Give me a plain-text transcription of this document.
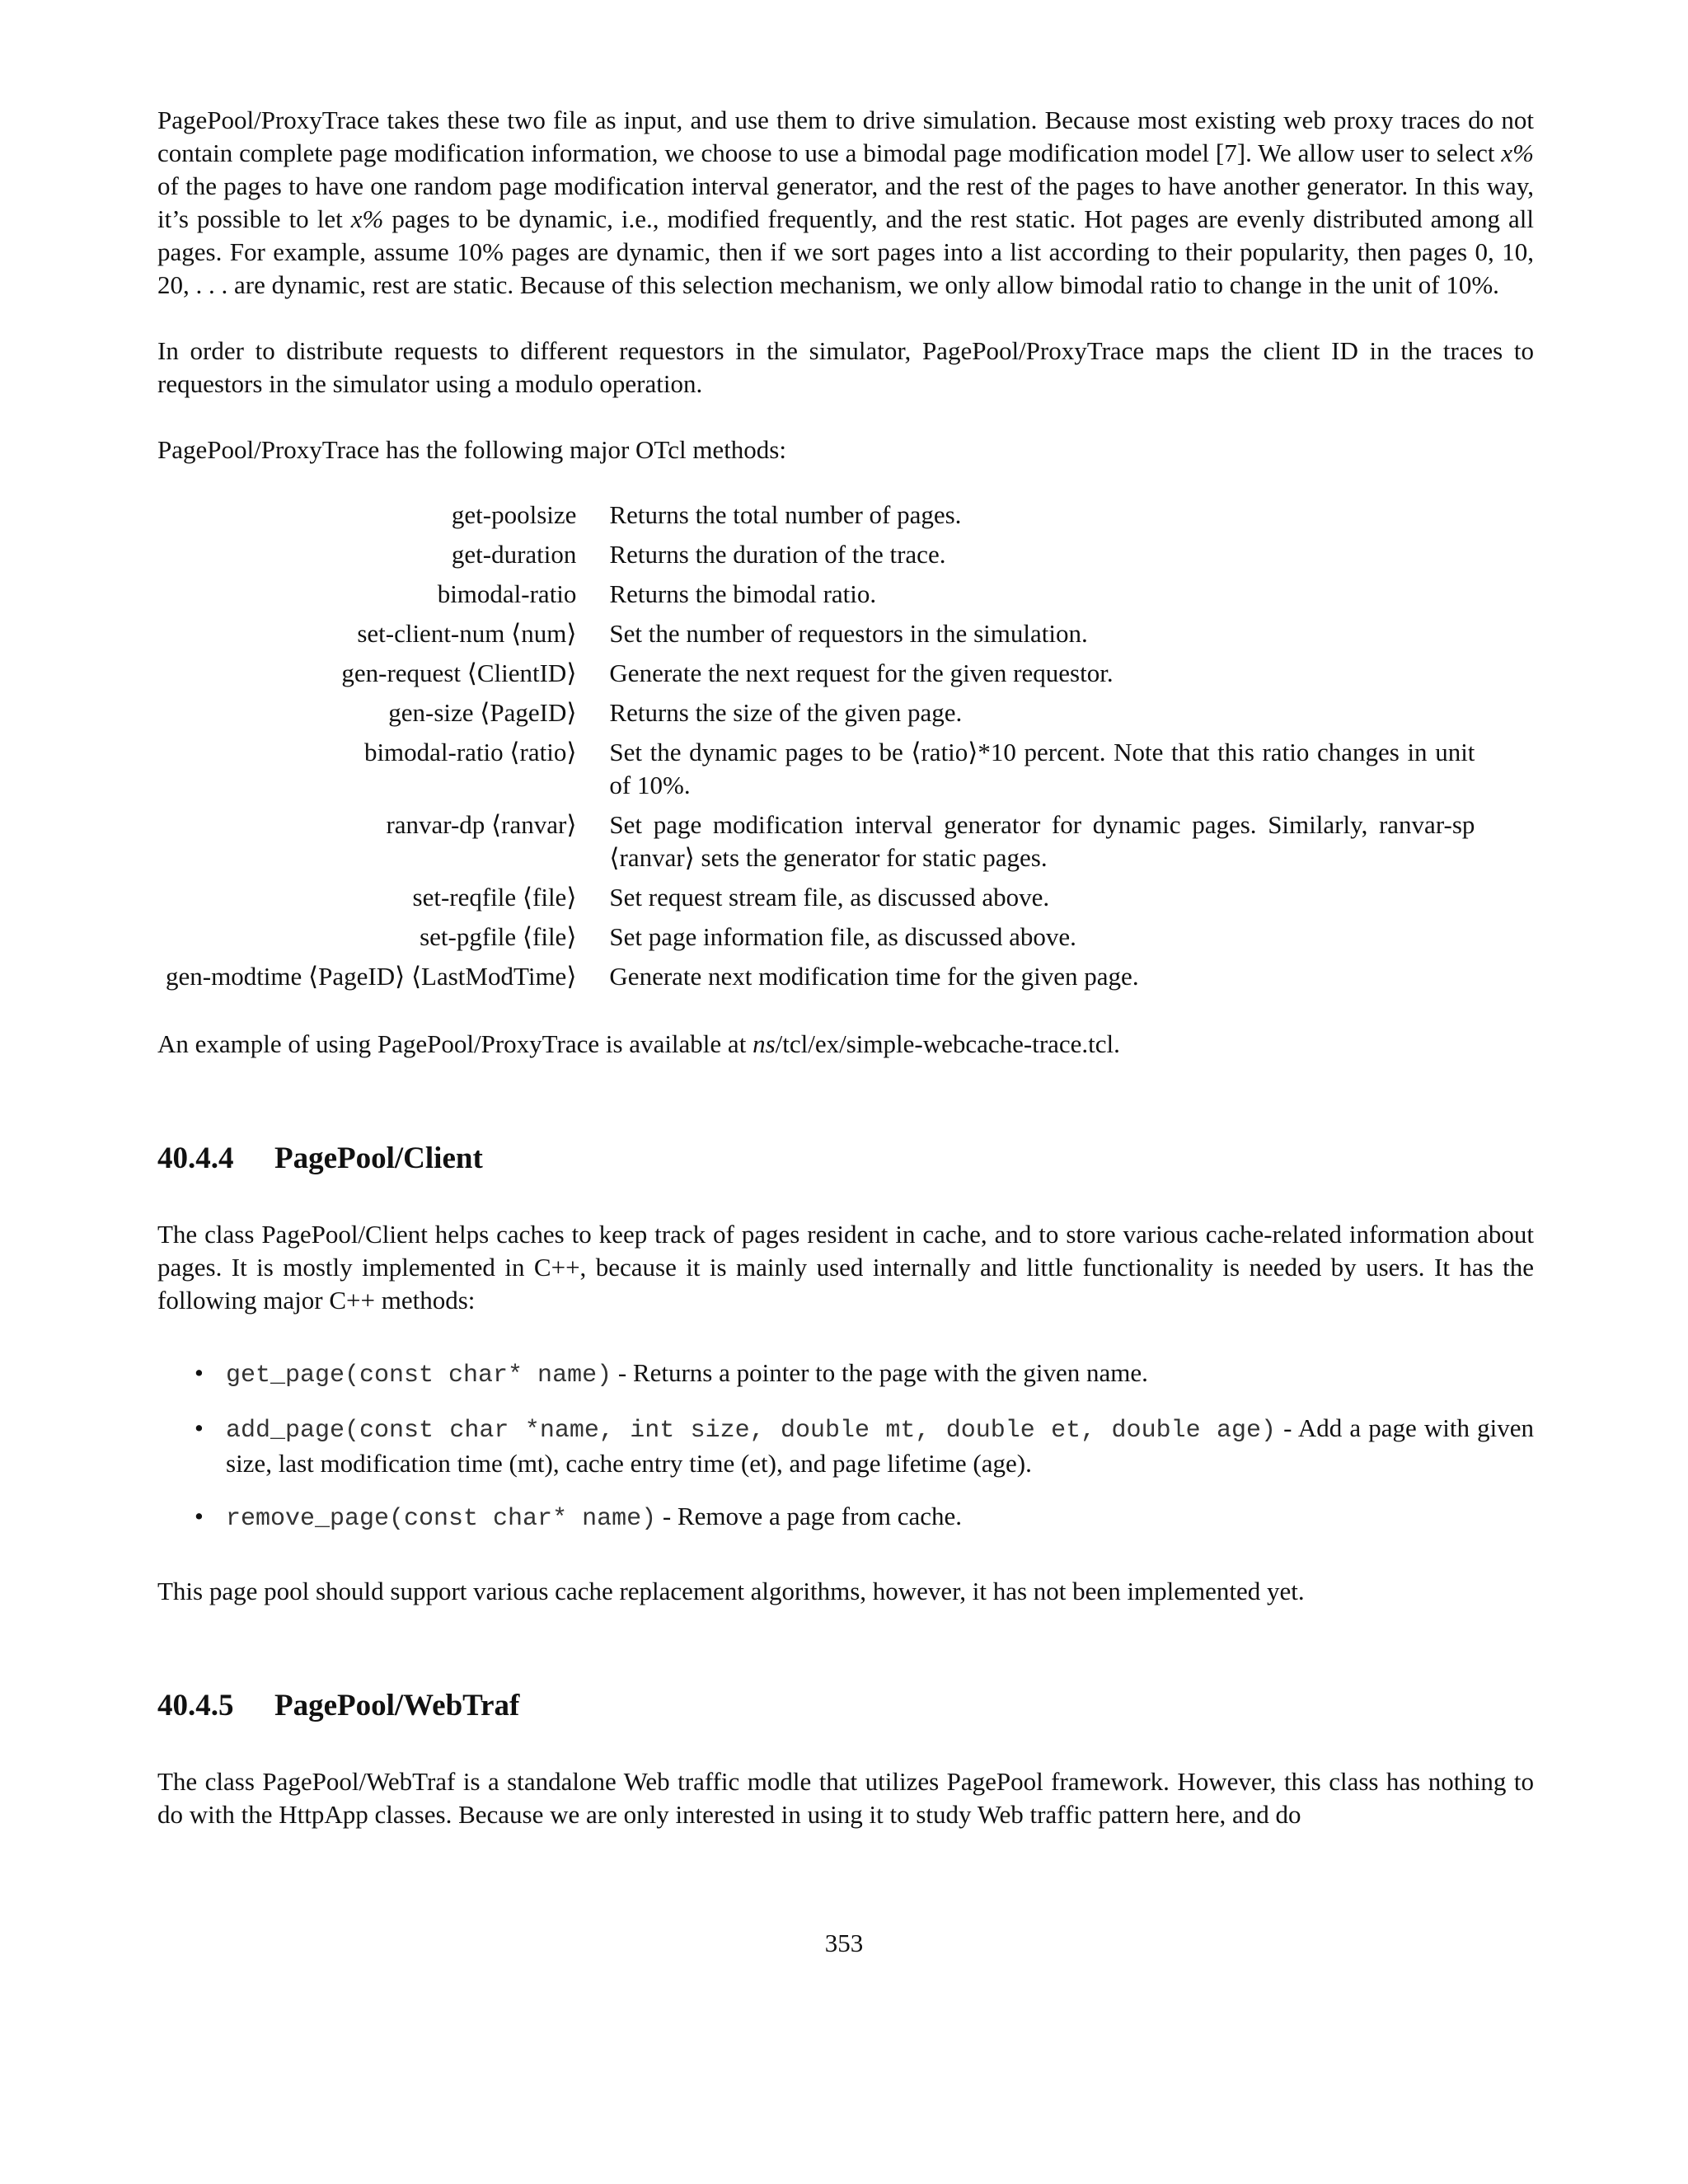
PagePool/ProxyTrace takes these two file as input, and use them to drive simulation. Because most existing web proxy traces do not contain complete page modification information, we choose to use a bimodal page modification model [7]. We allow user to select x% of the pages to have one random page modification interval generator, and the rest of the pages to have another generator. In this way, it’s possible to let x% pages to be dynamic, i.e., modified frequently, and the rest static. Hot pages are evenly distributed among all pages. For example, assume 10% pages are dynamic, then if we sort pages into a list according to their popularity, then pages 0, 10, 20, . . . are dynamic, rest are static. Because of this selection mechanism, we only allow bimodal ratio to change in the unit of 10%.

In order to distribute requests to different requestors in the simulator, PagePool/ProxyTrace maps the client ID in the traces to requestors in the simulator using a modulo operation.

PagePool/ProxyTrace has the following major OTcl methods:

get-poolsize	Returns the total number of pages.
get-duration	Returns the duration of the trace.
bimodal-ratio	Returns the bimodal ratio.
set-client-num ⟨num⟩	Set the number of requestors in the simulation.
gen-request ⟨ClientID⟩	Generate the next request for the given requestor.
gen-size ⟨PageID⟩	Returns the size of the given page.
bimodal-ratio ⟨ratio⟩	Set the dynamic pages to be ⟨ratio⟩*10 percent. Note that this ratio changes in unit of 10%.
ranvar-dp ⟨ranvar⟩	Set page modification interval generator for dynamic pages. Similarly, ranvar-sp ⟨ranvar⟩ sets the generator for static pages.
set-reqfile ⟨file⟩	Set request stream file, as discussed above.
set-pgfile ⟨file⟩	Set page information file, as discussed above.
gen-modtime ⟨PageID⟩ ⟨LastModTime⟩	Generate next modification time for the given page.

An example of using PagePool/ProxyTrace is available at ns/tcl/ex/simple-webcache-trace.tcl.

40.4.4 PagePool/Client

The class PagePool/Client helps caches to keep track of pages resident in cache, and to store various cache-related information about pages. It is mostly implemented in C++, because it is mainly used internally and little functionality is needed by users. It has the following major C++ methods:

• get_page(const char* name) - Returns a pointer to the page with the given name.
• add_page(const char *name, int size, double mt, double et, double age) - Add a page with given size, last modification time (mt), cache entry time (et), and page lifetime (age).
• remove_page(const char* name) - Remove a page from cache.

This page pool should support various cache replacement algorithms, however, it has not been implemented yet.

40.4.5 PagePool/WebTraf

The class PagePool/WebTraf is a standalone Web traffic modle that utilizes PagePool framework. However, this class has nothing to do with the HttpApp classes. Because we are only interested in using it to study Web traffic pattern here, and do

353
